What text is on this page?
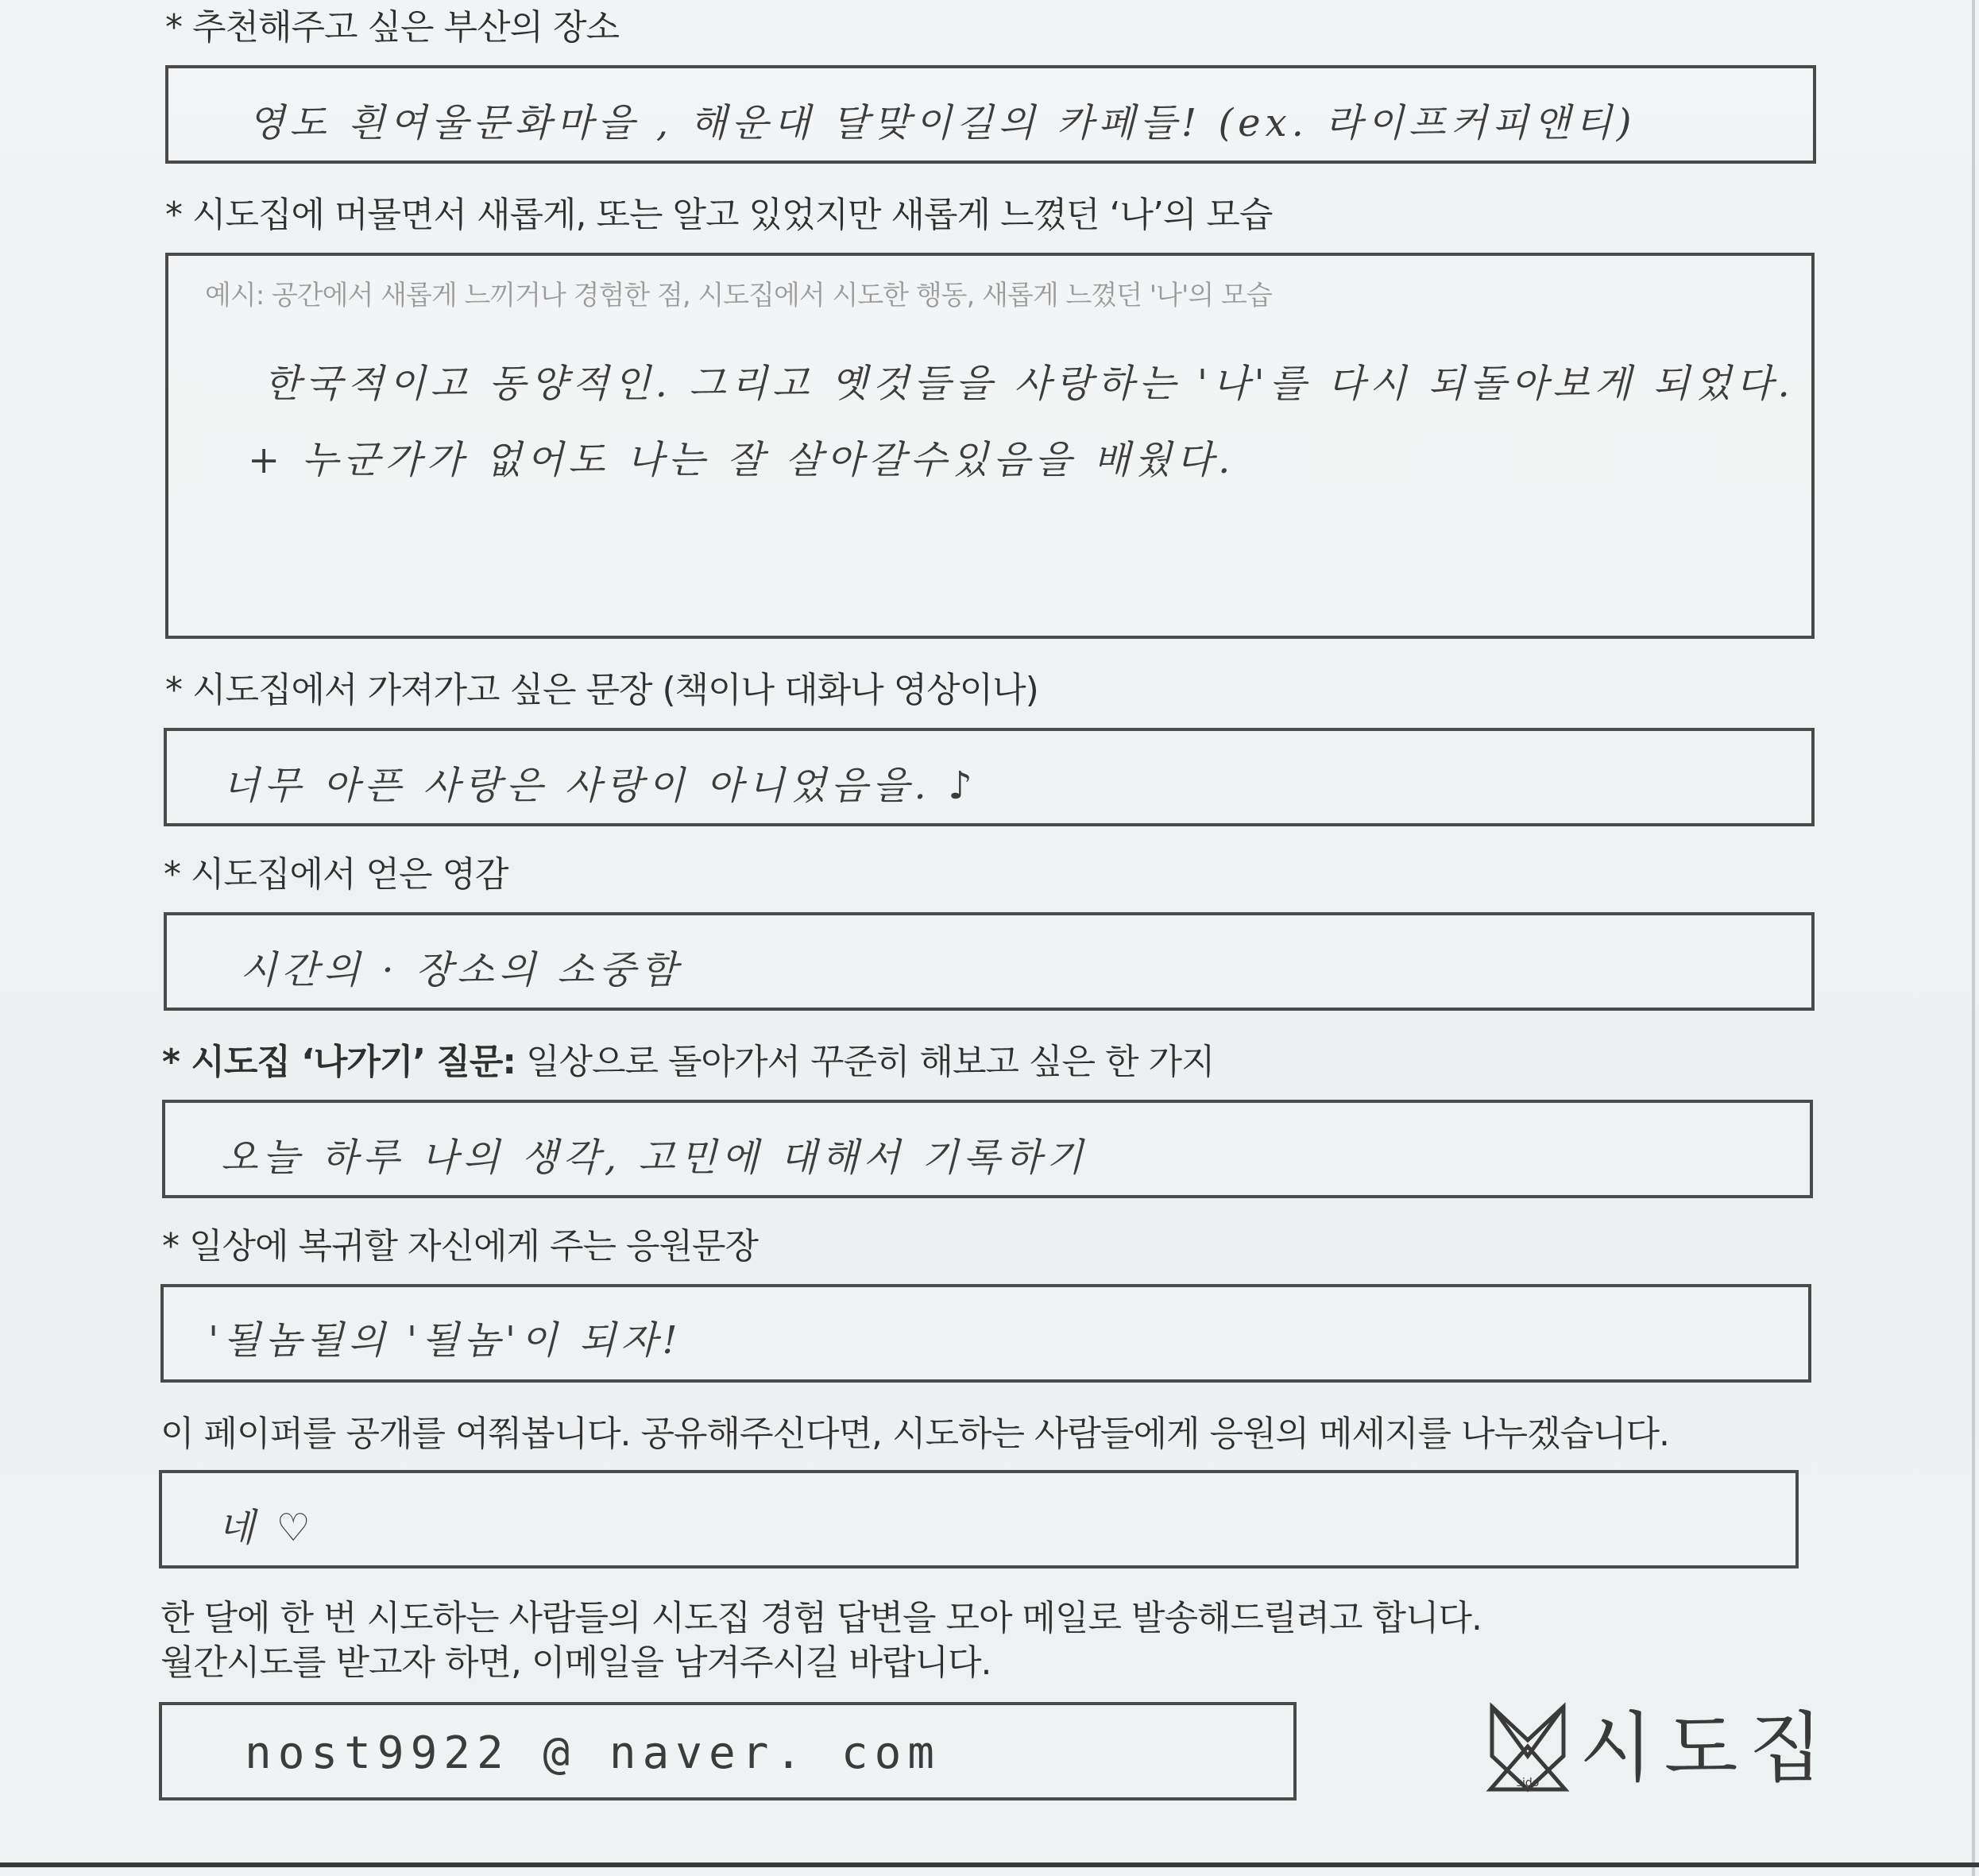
* 추천해주고 싶은 부산의 장소
영도 흰여울문화마을 , 해운대 달맞이길의 카페들! (ex. 라이프커피앤티)
* 시도집에 머물면서 새롭게, 또는 알고 있었지만 새롭게 느꼈던 ‘나’의 모습
예시: 공간에서 새롭게 느끼거나 경험한 점, 시도집에서 시도한 행동, 새롭게 느꼈던 '나'의 모습
한국적이고 동양적인. 그리고 옛것들을 사랑하는 '나'를 다시 되돌아보게 되었다.
+ 누군가가 없어도 나는 잘 살아갈수있음을 배웠다.
* 시도집에서 가져가고 싶은 문장 (책이나 대화나 영상이나)
너무 아픈 사랑은 사랑이 아니었음을. ♪
* 시도집에서 얻은 영감
시간의 · 장소의 소중함
* 시도집 ‘나가기’ 질문: 일상으로 돌아가서 꾸준히 해보고 싶은 한 가지
오늘 하루 나의 생각, 고민에 대해서 기록하기
* 일상에 복귀할 자신에게 주는 응원문장
'될놈될의 '될놈'이 되자!
이 페이퍼를 공개를 여쭤봅니다. 공유해주신다면, 시도하는 사람들에게 응원의 메세지를 나누겠습니다.
네 ♡
한 달에 한 번 시도하는 사람들의 시도집 경험 답변을 모아 메일로 발송해드릴려고 합니다.
월간시도를 받고자 하면, 이메일을 남겨주시길 바랍니다.
nost9922 @ naver. com
sido 시도집
